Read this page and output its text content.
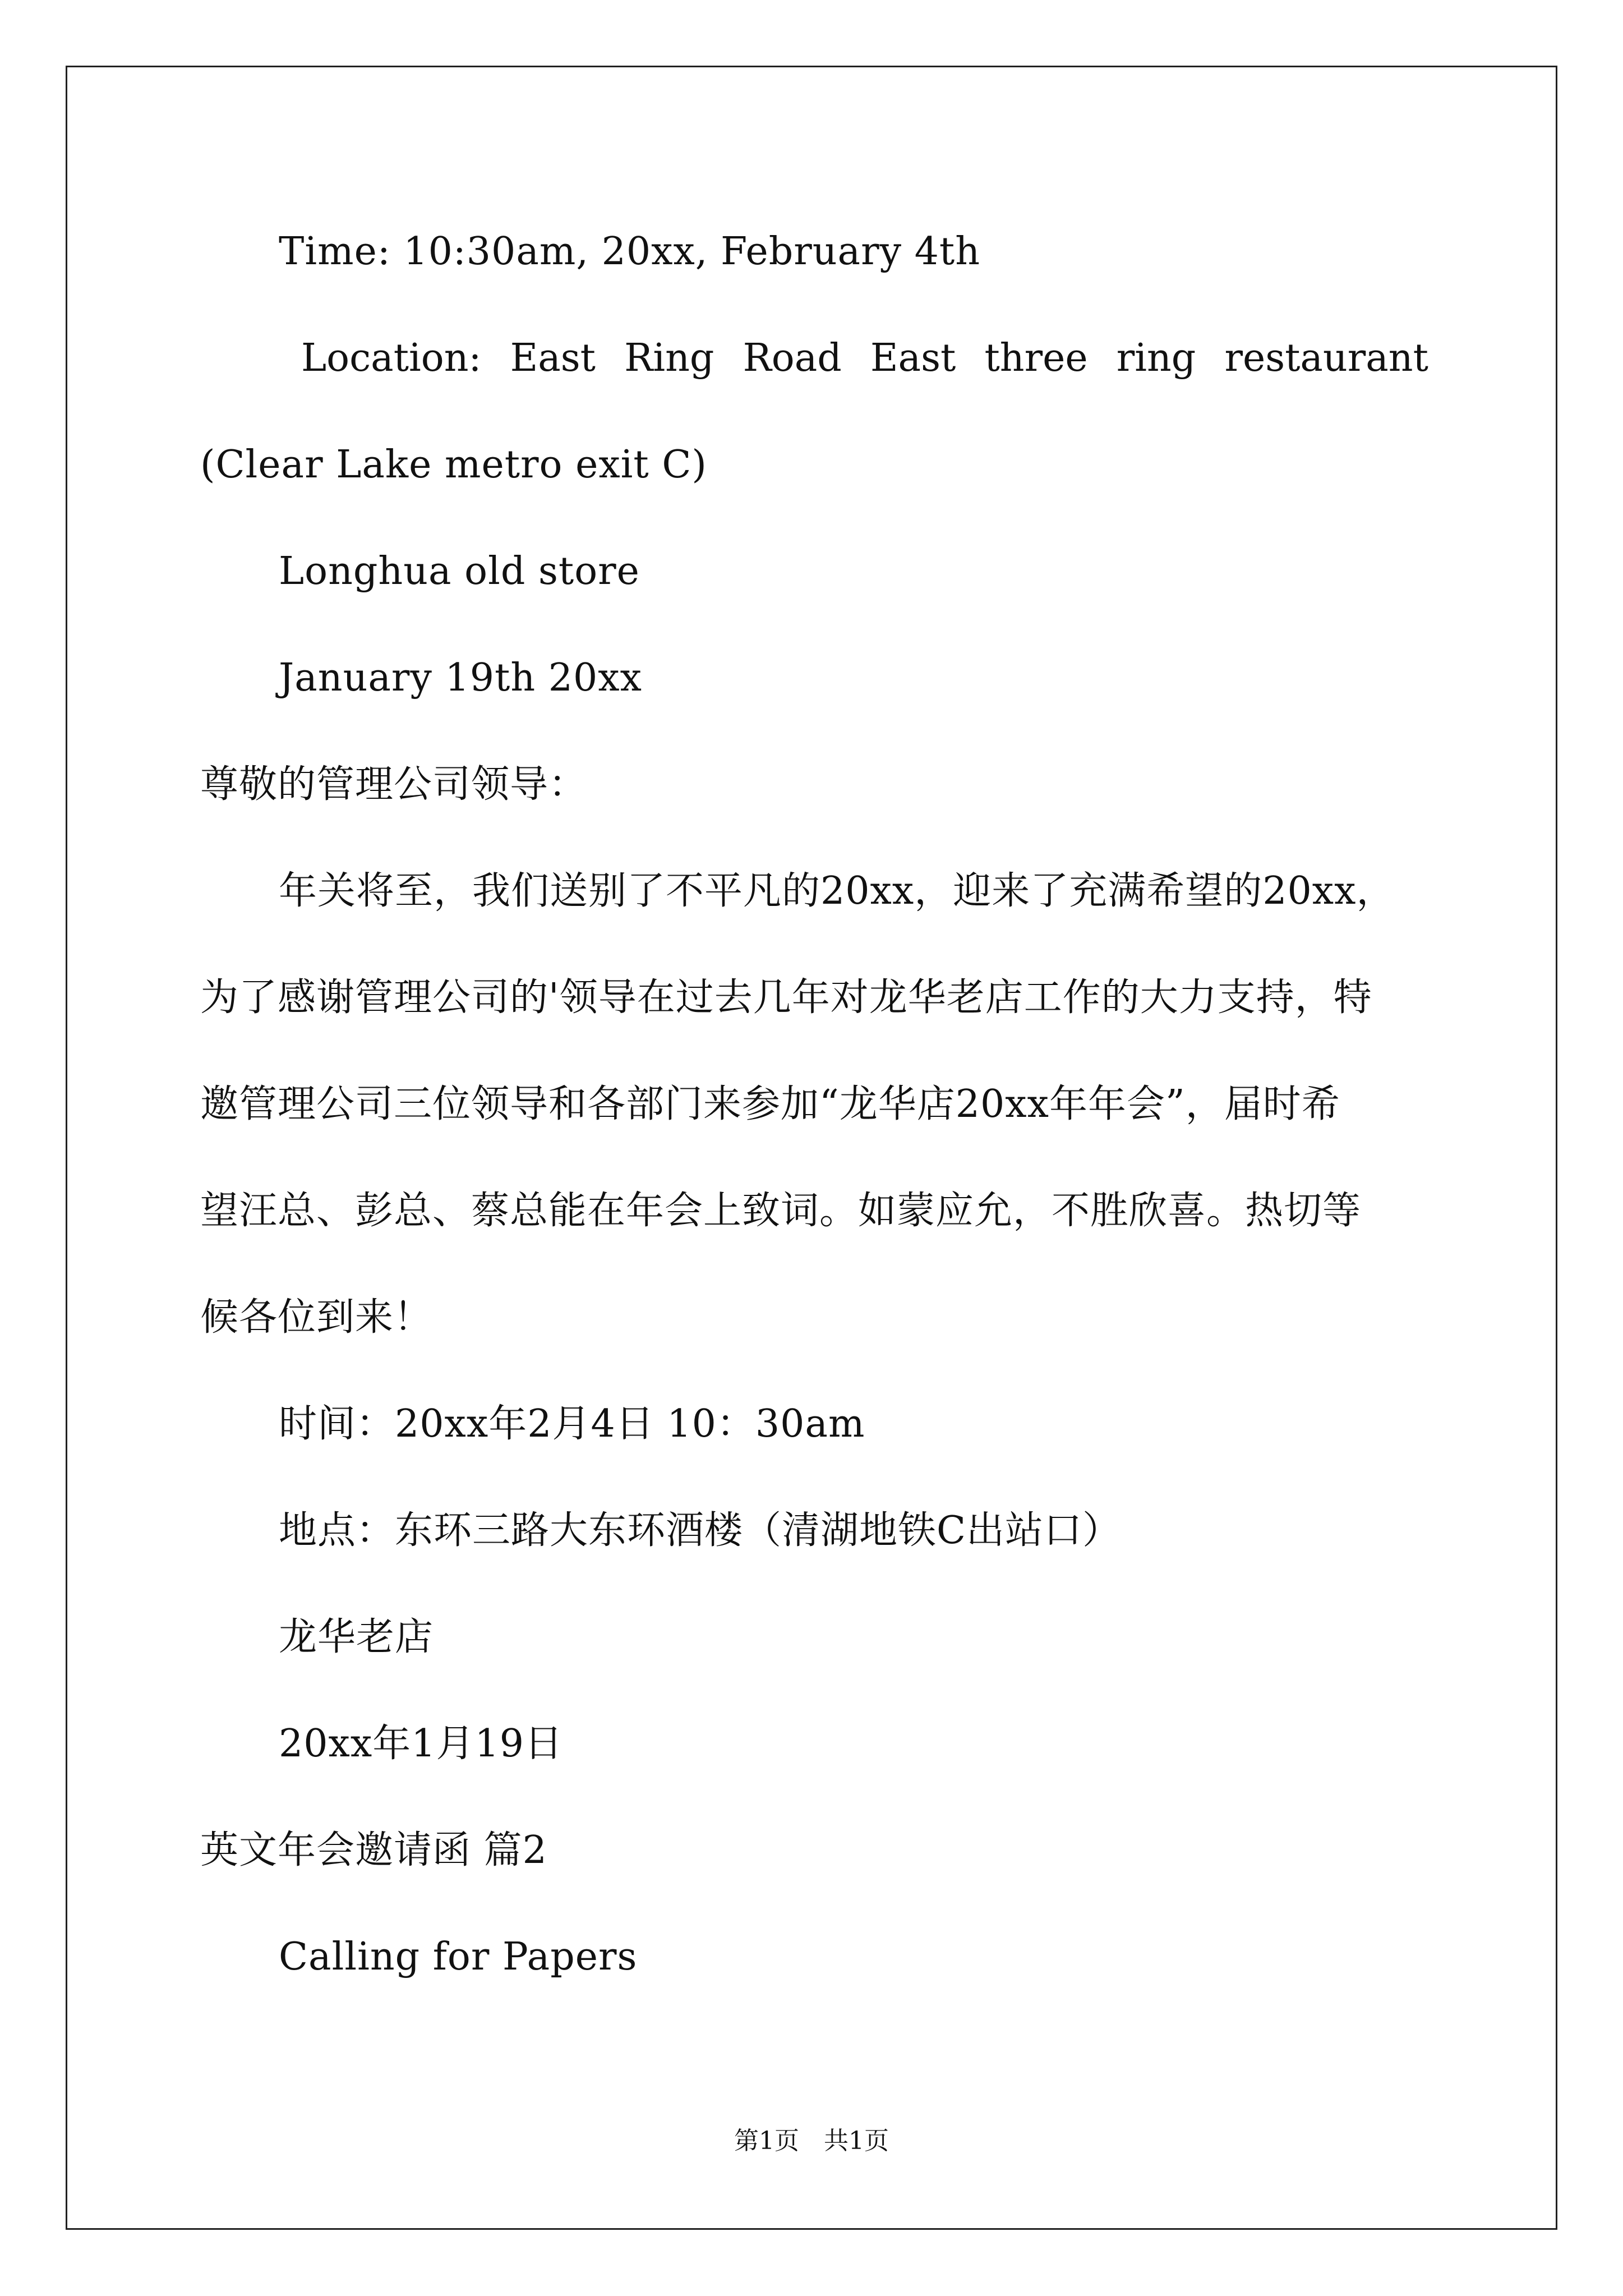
Time: 10:30am, 20xx, February 4th
Location: East Ring Road East three ring restaurant
(Clear Lake metro exit C)
Longhua old store
January 19th 20xx
尊敬的管理公司领导：
年关将至，我们送别了不平凡的20xx，迎来了充满希望的20xx，
为了感谢管理公司的'领导在过去几年对龙华老店工作的大力支持，特
邀管理公司三位领导和各部门来参加“龙华店20xx年年会”，届时希
望汪总、彭总、蔡总能在年会上致词。如蒙应允，不胜欣喜。热切等
候各位到来！
时间：20xx年2月4日 10：30am
地点：东环三路大东环酒楼（清湖地铁C出站口）
龙华老店
20xx年1月19日
英文年会邀请函 篇2
Calling for Papers
第1页　共1页
